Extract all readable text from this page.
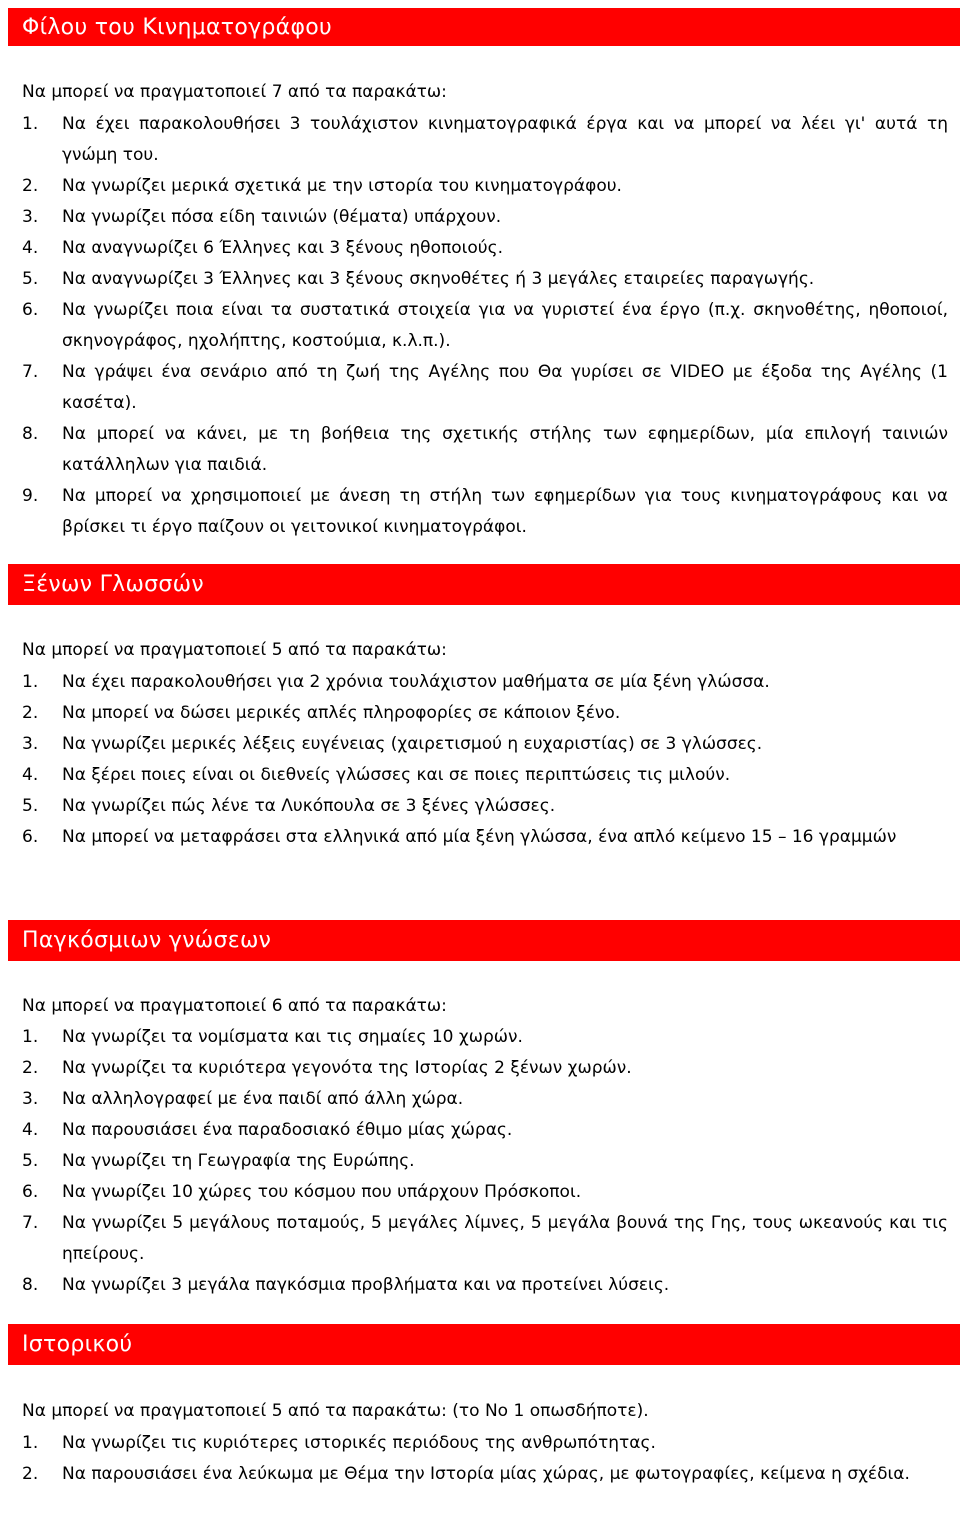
Φίλου του Κινηματογράφου
Να μπορεί να πραγματοποιεί 7 από τα παρακάτω:
1. Να έχει παρακολουθήσει 3 τουλάχιστον κινηματογραφικά έργα και να μπορεί να λέει γι' αυτά τη γνώμη του.
2. Να γνωρίζει μερικά σχετικά με την ιστορία του κινηματογράφου.
3. Να γνωρίζει πόσα είδη ταινιών (θέματα) υπάρχουν.
4. Να αναγνωρίζει 6 Έλληνες και 3 ξένους ηθοποιούς.
5. Να αναγνωρίζει 3 Έλληνες και 3 ξένους σκηνοθέτες ή 3 μεγάλες εταιρείες παραγωγής.
6. Να γνωρίζει ποια είναι τα συστατικά στοιχεία για να γυριστεί ένα έργο (π.χ. σκηνοθέτης, ηθοποιοί, σκηνογράφος, ηχολήπτης, κοστούμια, κ.λ.π.).
7. Να γράψει ένα σενάριο από τη ζωή της Αγέλης που Θα γυρίσει σε VIDEO με έξοδα της Αγέλης (1 κασέτα).
8. Να μπορεί να κάνει, με τη βοήθεια της σχετικής στήλης των εφημερίδων, μία επιλογή ταινιών κατάλληλων για παιδιά.
9. Να μπορεί να χρησιμοποιεί με άνεση τη στήλη των εφημερίδων για τους κινηματογράφους και να βρίσκει τι έργο παίζουν οι γειτονικοί κινηματογράφοι.
Ξένων Γλωσσών
Να μπορεί να πραγματοποιεί 5 από τα παρακάτω:
1. Να έχει παρακολουθήσει για 2 χρόνια τουλάχιστον μαθήματα σε μία ξένη γλώσσα.
2. Να μπορεί να δώσει μερικές απλές πληροφορίες σε κάποιον ξένο.
3. Να γνωρίζει μερικές λέξεις ευγένειας (χαιρετισμού η ευχαριστίας) σε 3 γλώσσες.
4. Να ξέρει ποιες είναι οι διεθνείς γλώσσες και σε ποιες περιπτώσεις τις μιλούν.
5. Να γνωρίζει πώς λένε τα Λυκόπουλα σε 3 ξένες γλώσσες.
6.	Να μπορεί να μεταφράσει στα ελληνικά από μία ξένη γλώσσα, ένα απλό κείμενο 15 – 16 γραμμών
Παγκόσμιων γνώσεων
Να μπορεί να πραγματοποιεί 6 από τα παρακάτω:
1. Να γνωρίζει τα νομίσματα και τις σημαίες 10 χωρών.
2. Να γνωρίζει τα κυριότερα γεγονότα της Ιστορίας 2 ξένων χωρών.
3. Να αλληλογραφεί με ένα παιδί από άλλη χώρα.
4. Να παρουσιάσει ένα παραδοσιακό έθιμο μίας χώρας.
5. Να γνωρίζει τη Γεωγραφία της Ευρώπης.
6. Να γνωρίζει 10 χώρες του κόσμου που υπάρχουν Πρόσκοποι.
7. Να γνωρίζει 5 μεγάλους ποταμούς, 5 μεγάλες λίμνες, 5 μεγάλα βουνά της Γης, τους ωκεανούς και τις ηπείρους.
8. Να γνωρίζει 3 μεγάλα παγκόσμια προβλήματα και να προτείνει λύσεις.
Ιστορικού
Να μπορεί να πραγματοποιεί 5 από τα παρακάτω: (το Νο 1 οπωσδήποτε).
1. Να γνωρίζει τις κυριότερες ιστορικές περιόδους της ανθρωπότητας.
2. Να παρουσιάσει ένα λεύκωμα με Θέμα την Ιστορία μίας χώρας, με φωτογραφίες, κείμενα η σχέδια.
